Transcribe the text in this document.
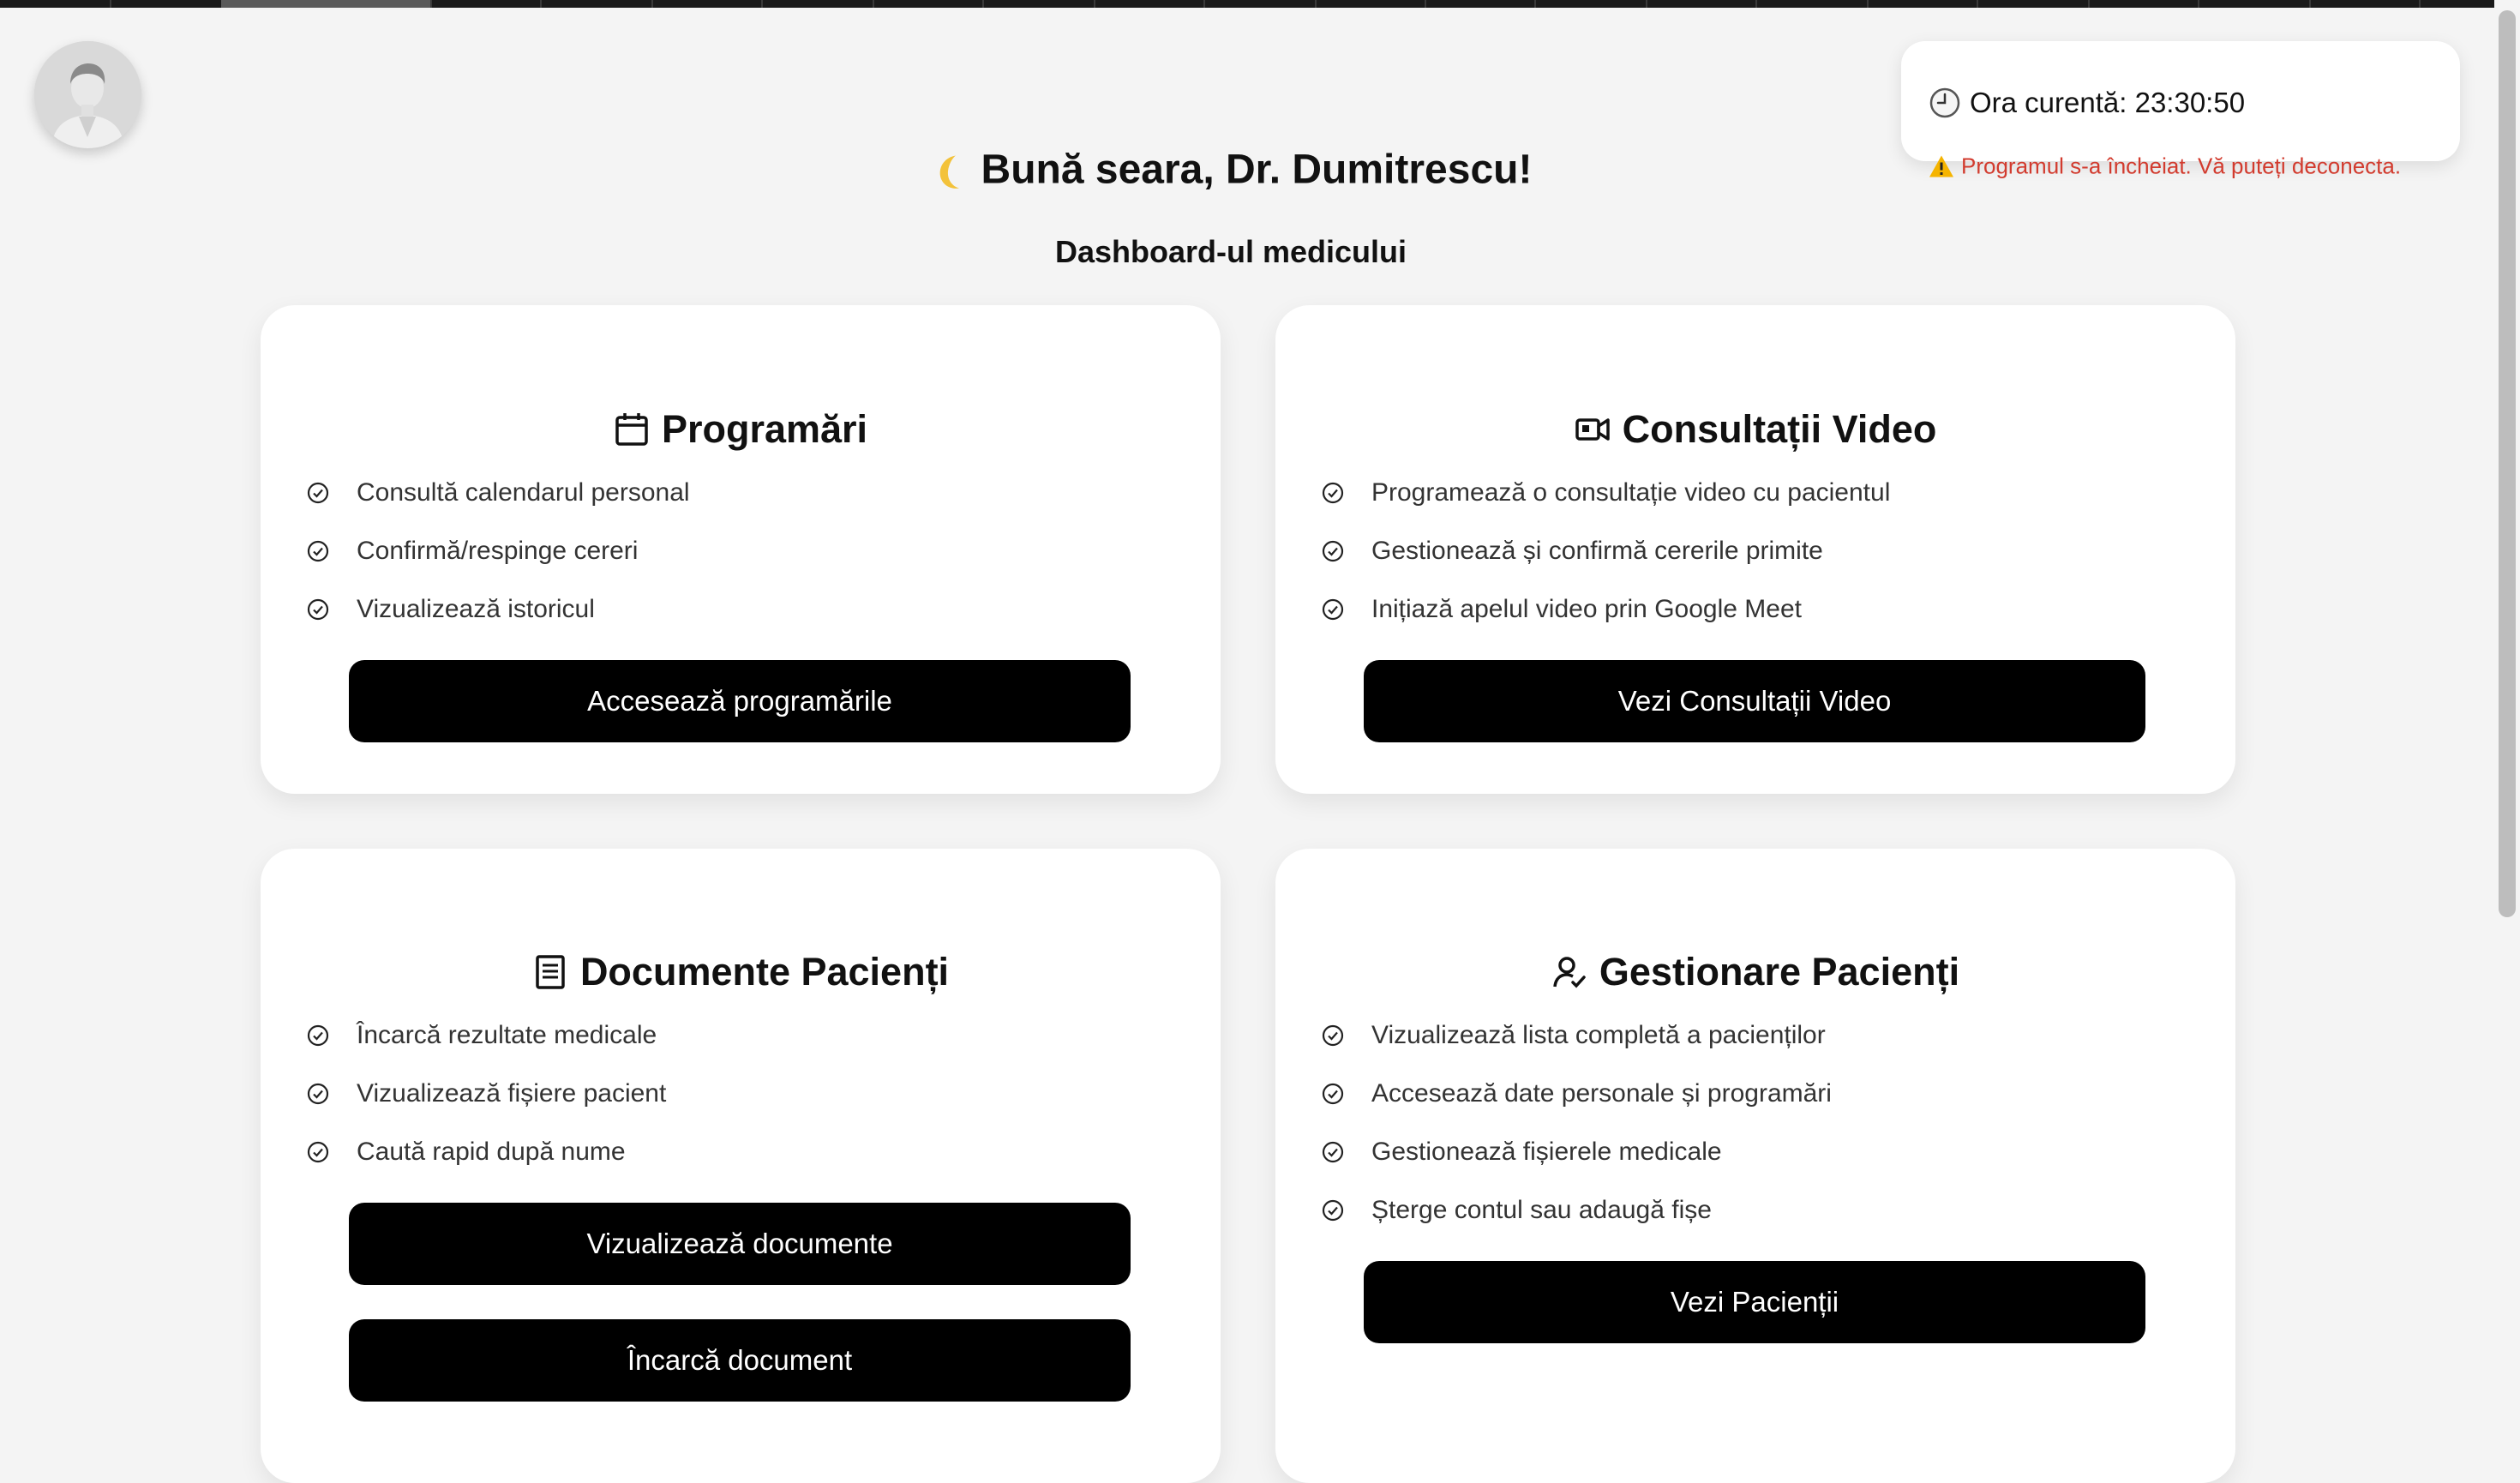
Ora curentă: 23:30:50
Programul s-a încheiat. Vă puteți deconecta.
Bună seara, Dr. Dumitrescu!
Dashboard-ul medicului
Programări
Consultă calendarul personal
Confirmă/respinge cereri
Vizualizează istoricul
Accesează programările
Consultații Video
Programează o consultație video cu pacientul
Gestionează și confirmă cererile primite
Inițiază apelul video prin Google Meet
Vezi Consultații Video
Documente Pacienți
Încarcă rezultate medicale
Vizualizează fișiere pacient
Caută rapid după nume
Vizualizează documente
Încarcă document
Gestionare Pacienți
Vizualizează lista completă a pacienților
Accesează date personale și programări
Gestionează fișierele medicale
Șterge contul sau adaugă fișe
Vezi Pacienții
